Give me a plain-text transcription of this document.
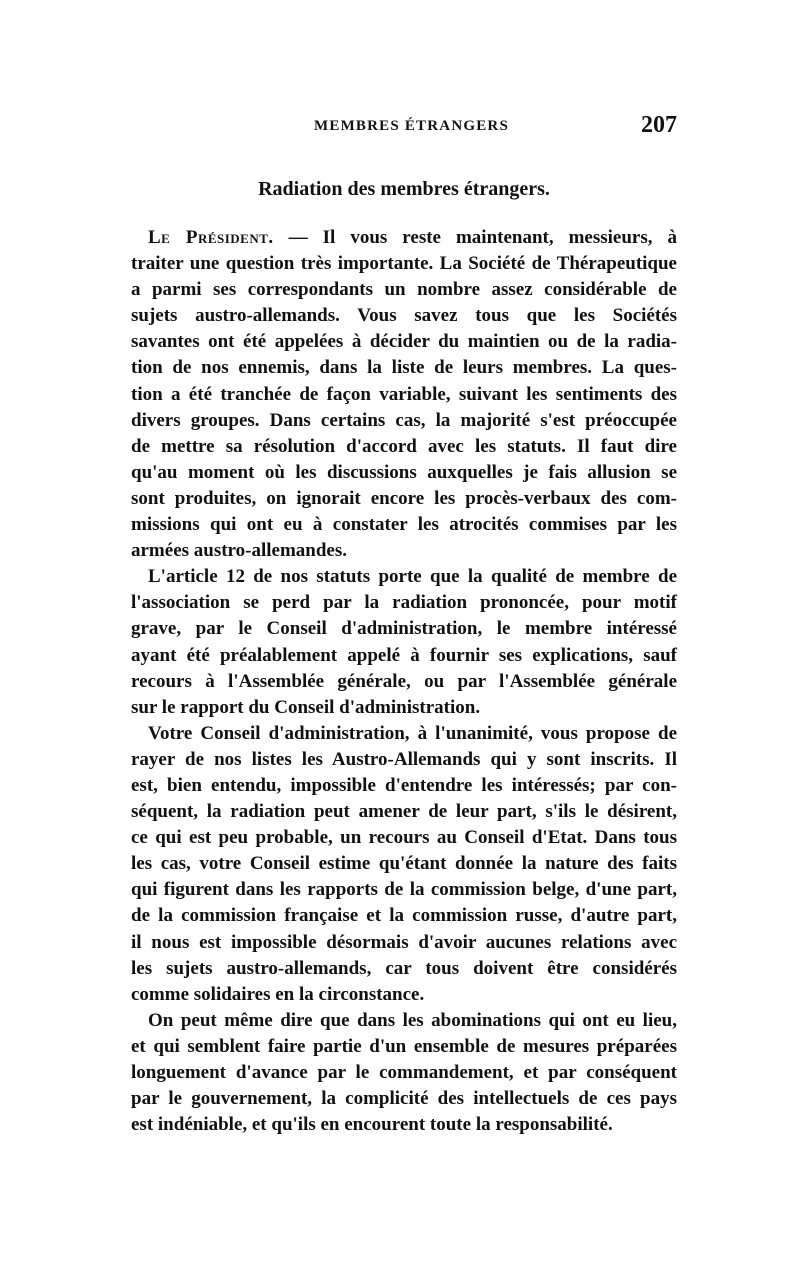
MEMBRES ÉTRANGERS	207
Radiation des membres étrangers.
Le Président. — Il vous reste maintenant, messieurs, à
traiter une question très importante. La Société de Thérapeutique
a parmi ses correspondants un nombre assez considérable de
sujets austro-allemands. Vous savez tous que les Sociétés
savantes ont été appelées à décider du maintien ou de la radia-
tion de nos ennemis, dans la liste de leurs membres. La ques-
tion a été tranchée de façon variable, suivant les sentiments des
divers groupes. Dans certains cas, la majorité s'est préoccupée
de mettre sa résolution d'accord avec les statuts. Il faut dire
qu'au moment où les discussions auxquelles je fais allusion se
sont produites, on ignorait encore les procès-verbaux des com-
missions qui ont eu à constater les atrocités commises par les
armées austro-allemandes.
L'article 12 de nos statuts porte que la qualité de membre de
l'association se perd par la radiation prononcée, pour motif
grave, par le Conseil d'administration, le membre intéressé
ayant été préalablement appelé à fournir ses explications, sauf
recours à l'Assemblée générale, ou par l'Assemblée générale
sur le rapport du Conseil d'administration.
Votre Conseil d'administration, à l'unanimité, vous propose de
rayer de nos listes les Austro-Allemands qui y sont inscrits. Il
est, bien entendu, impossible d'entendre les intéressés; par con-
séquent, la radiation peut amener de leur part, s'ils le désirent,
ce qui est peu probable, un recours au Conseil d'Etat. Dans tous
les cas, votre Conseil estime qu'étant donnée la nature des faits
qui figurent dans les rapports de la commission belge, d'une part,
de la commission française et la commission russe, d'autre part,
il nous est impossible désormais d'avoir aucunes relations avec
les sujets austro-allemands, car tous doivent être considérés
comme solidaires en la circonstance.
On peut même dire que dans les abominations qui ont eu lieu,
et qui semblent faire partie d'un ensemble de mesures préparées
longuement d'avance par le commandement, et par conséquent
par le gouvernement, la complicité des intellectuels de ces pays
est indéniable, et qu'ils en encourent toute la responsabilité.
